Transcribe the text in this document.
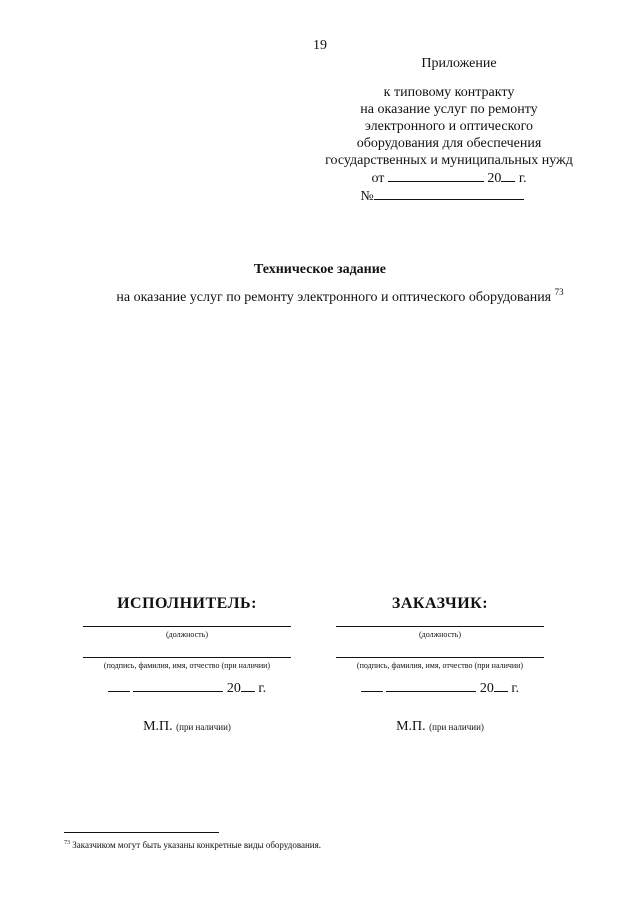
19
Приложение
к типовому контракту
на оказание услуг по ремонту
электронного и оптического
оборудования для обеспечения
государственных и муниципальных нужд
от	20 г. №
Техническое задание
на оказание услуг по ремонту электронного и оптического оборудования $^{73}$
ИСПОЛНИТЕЛЬ:
(должность)
(подпись, фамилия, имя, отчество (при наличии)
20 г.
М.П. (при наличии)
ЗАКАЗЧИК:
(должность)
(подпись, фамилия, имя, отчество (при наличии)
20 г.
М.П. (при наличии)
$^{73}$ Заказчиком могут быть указаны конкретные виды оборудования.
